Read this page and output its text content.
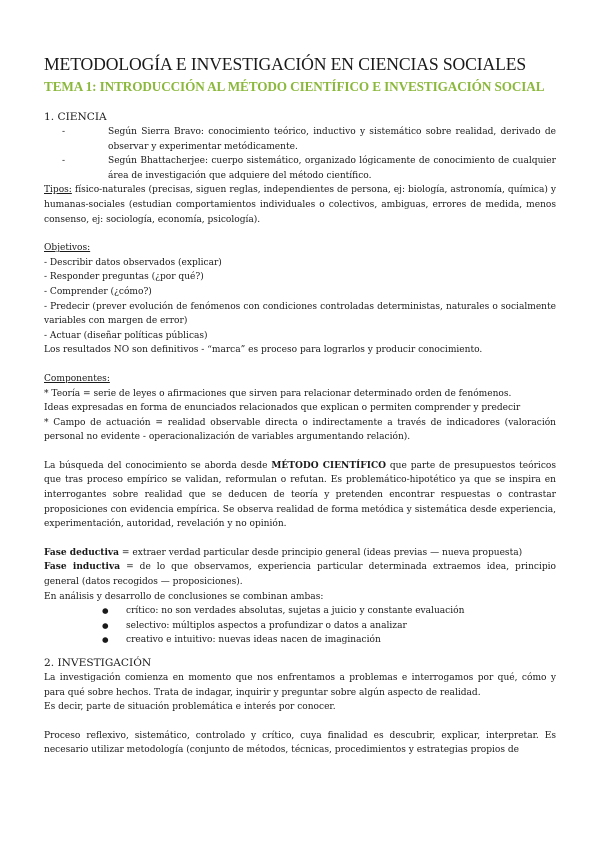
METODOLOGÍA E INVESTIGACIÓN EN CIENCIAS SOCIALES
TEMA 1: INTRODUCCIÓN AL MÉTODO CIENTÍFICO E INVESTIGACIÓN SOCIAL
1. CIENCIA
- Según Sierra Bravo: conocimiento teórico, inductivo y sistemático sobre realidad, derivado de observar y experimentar metódicamente.
- Según Bhattacherjee: cuerpo sistemático, organizado lógicamente de conocimiento de cualquier área de investigación que adquiere del método científico.

Tipos: físico-naturales (precisas, siguen reglas, independientes de persona, ej: biología, astronomía, química) y humanas-sociales (estudian comportamientos individuales o colectivos, ambiguas, errores de medida, menos consenso, ej: sociología, economía, psicología).

Objetivos:
- Describir datos observados (explicar)
- Responder preguntas (¿por qué?)
- Comprender (¿cómo?)

- Predecir (prever evolución de fenómenos con condiciones controladas deterministas, naturales o socialmente variables con margen de error)

- Actuar (diseñar políticas públicas)
Los resultados NO son definitivos - “marca” es proceso para lograrlos y producir conocimiento.
Componentes:
* Teoría = serie de leyes o afirmaciones que sirven para relacionar determinado orden de fenómenos.
Ideas expresadas en forma de enunciados relacionados que explican o permiten comprender y predecir

* Campo de actuación = realidad observable directa o indirectamente a través de indicadores (valoración personal no evidente - operacionalización de variables argumentando relación).

La búsqueda del conocimiento se aborda desde MÉTODO CIENTÍFICO que parte de presupuestos teóricos que tras proceso empírico se validan, reformulan o refutan. Es problemático-hipotético ya que se inspira en interrogantes sobre realidad que se deducen de teoría y pretenden encontrar respuestas o contrastar proposiciones con evidencia empírica. Se observa realidad de forma metódica y sistemática desde experiencia, experimentación, autoridad, revelación y no opinión.

Fase deductiva = extraer verdad particular desde principio general (ideas previas — nueva propuesta)

Fase inductiva = de lo que observamos, experiencia particular determinada extraemos idea, principio general (datos recogidos — proposiciones).

En análisis y desarrollo de conclusiones se combinan ambas:
● crítico: no son verdades absolutas, sujetas a juicio y constante evaluación
● selectivo: múltiplos aspectos a profundizar o datos a analizar
● creativo e intuitivo: nuevas ideas nacen de imaginación
2. INVESTIGACIÓN

La investigación comienza en momento que nos enfrentamos a problemas e interrogamos por qué, cómo y para qué sobre hechos. Trata de indagar, inquirir y preguntar sobre algún aspecto de realidad.

Es decir, parte de situación problemática e interés por conocer.

Proceso reflexivo, sistemático, controlado y crítico, cuya finalidad es descubrir, explicar, interpretar. Es necesario utilizar metodología (conjunto de métodos, técnicas, procedimientos y estrategias propios de
